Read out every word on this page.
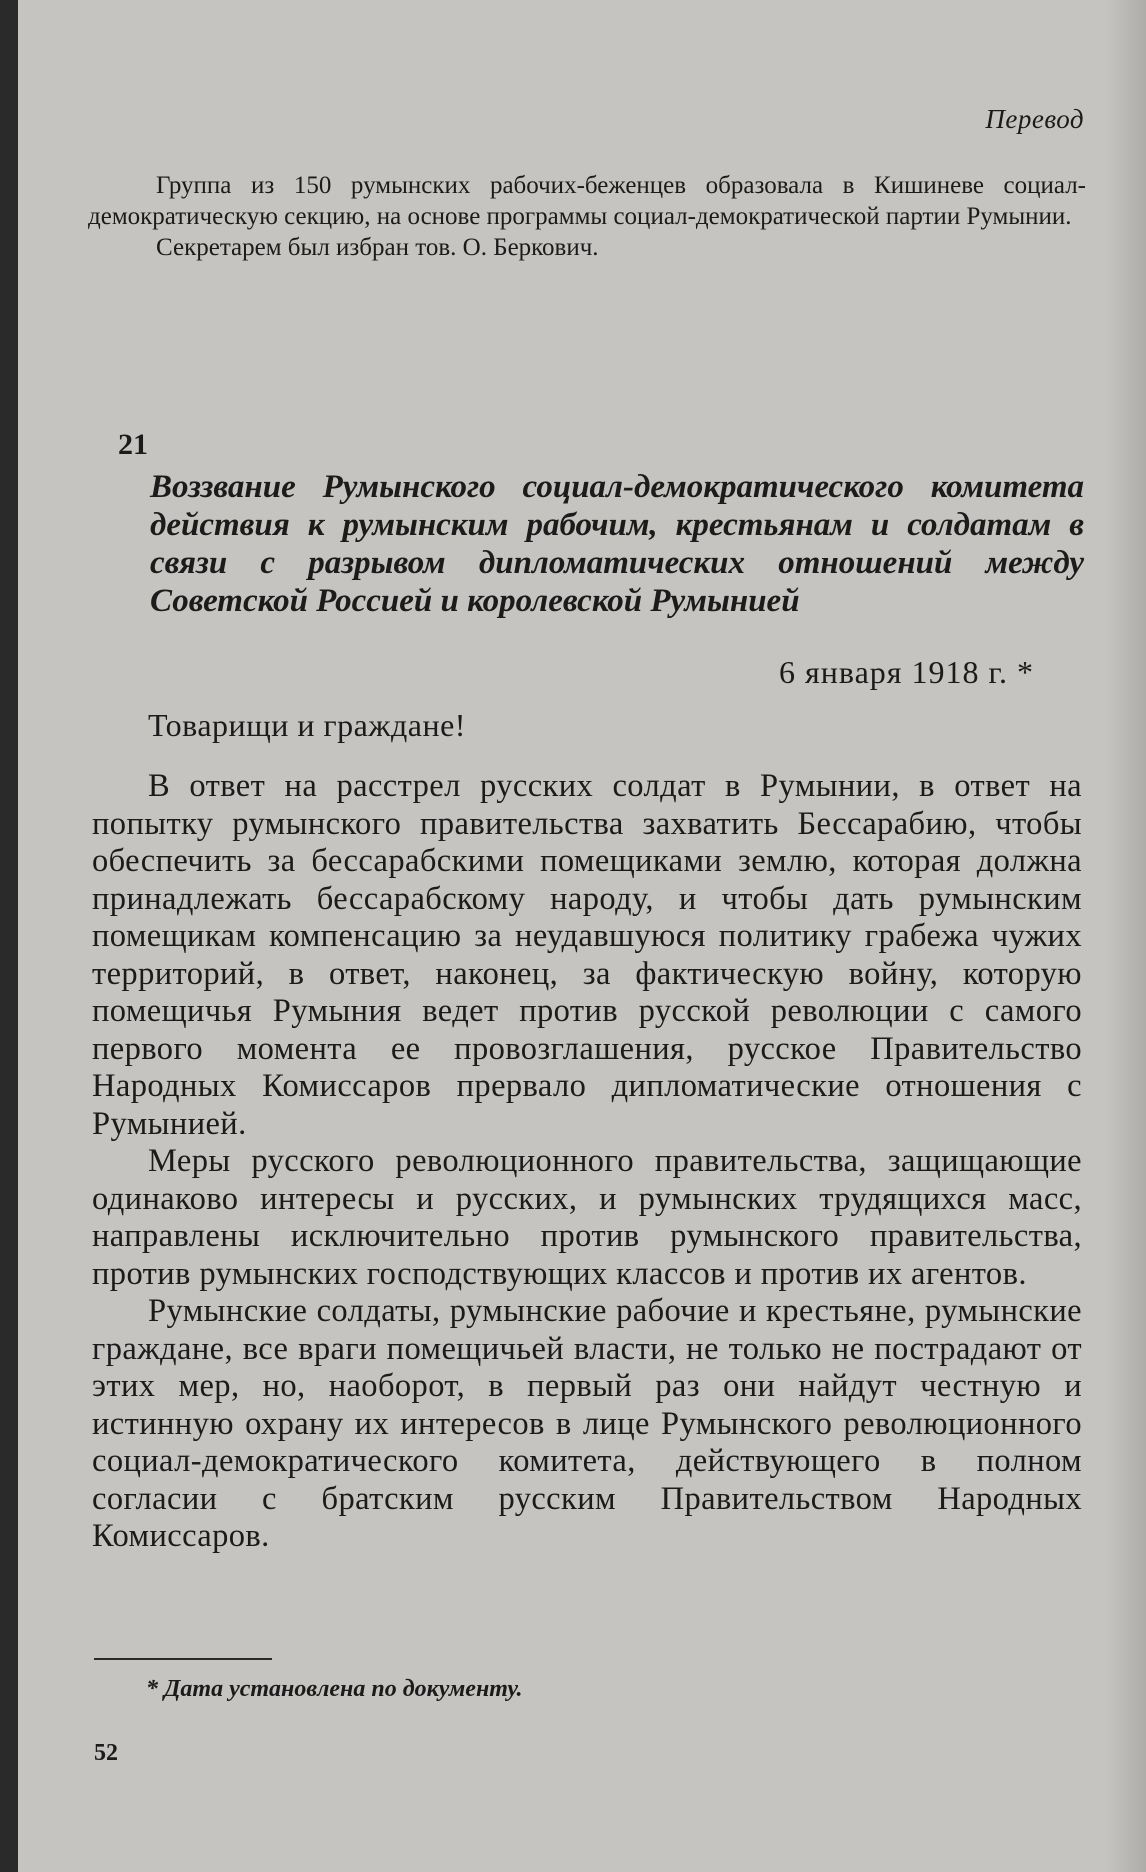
Перевод

Группа из 150 румынских рабочих-беженцев образовала в Кишиневе социал-демократическую секцию, на основе программы социал-демократической партии Румынии.

Секретарем был избран тов. О. Беркович.

21
Воззвание Румынского социал-демократического комитета действия к румынским рабочим, крестьянам и солдатам в связи с разрывом дипломатических отношений между Советской Россией и королевской Румынией
6 января 1918 г. *
Товарищи и граждане!

В ответ на расстрел русских солдат в Румынии, в ответ на попытку румынского правительства захватить Бессарабию, чтобы обеспечить за бессарабскими помещиками землю, которая должна принадлежать бессарабскому народу, и чтобы дать румынским помещикам компенсацию за неудавшуюся политику грабежа чужих территорий, в ответ, наконец, за фактическую войну, которую помещичья Румыния ведет против русской революции с самого первого момента ее провозглашения, русское Правительство Народных Комиссаров прервало дипломатические отношения с Румынией.

Меры русского революционного правительства, защищающие одинаково интересы и русских, и румынских трудящихся масс, направлены исключительно против румынского правительства, против румынских господствующих классов и против их агентов.

Румынские солдаты, румынские рабочие и крестьяне, румынские граждане, все враги помещичьей власти, не только не пострадают от этих мер, но, наоборот, в первый раз они найдут честную и истинную охрану их интересов в лице Румынского революционного социал-демократического комитета, действующего в полном согласии с братским русским Правительством Народных Комиссаров.

* Дата установлена по документу.
52
